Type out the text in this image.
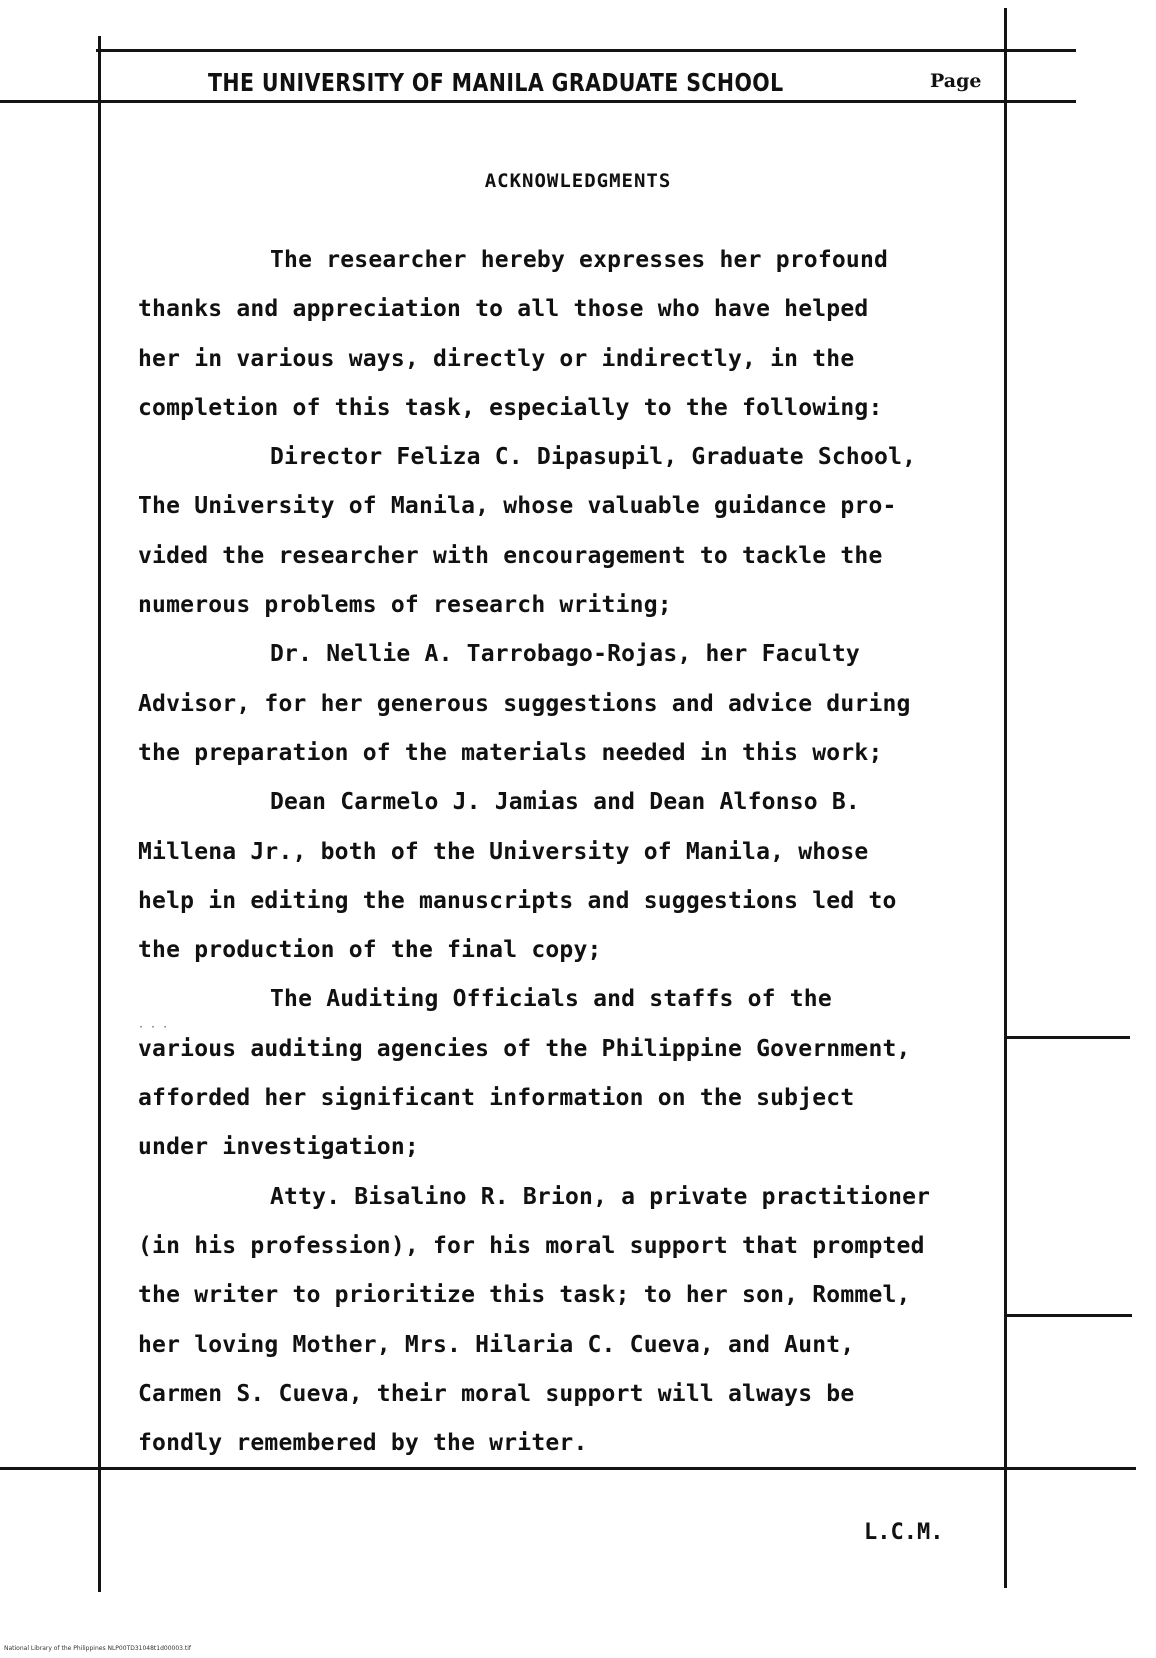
THE UNIVERSITY OF MANILA GRADUATE SCHOOL	Page
ACKNOWLEDGMENTS
· · ·
The researcher hereby expresses her profound
thanks and appreciation to all those who have helped
her in various ways, directly or indirectly, in the
completion of this task, especially to the following:
Director Feliza C. Dipasupil, Graduate School,
The University of Manila, whose valuable guidance pro-
vided the researcher with encouragement to tackle the
numerous problems of research writing;
Dr. Nellie A. Tarrobago-Rojas, her Faculty
Advisor, for her generous suggestions and advice during
the preparation of the materials needed in this work;
Dean Carmelo J. Jamias and Dean Alfonso B.
Millena Jr., both of the University of Manila, whose
help in editing the manuscripts and suggestions led to
the production of the final copy;
The Auditing Officials and staffs of the
various auditing agencies of the Philippine Government,
afforded her significant information on the subject
under investigation;
Atty. Bisalino R. Brion, a private practitioner
(in his profession), for his moral support that prompted
the writer to prioritize this task; to her son, Rommel,
her loving Mother, Mrs. Hilaria C. Cueva, and Aunt,
Carmen S. Cueva, their moral support will always be
fondly remembered by the writer.
L.C.M.
National Library of the Philippines NLP00TD31048t1d00003.tif
